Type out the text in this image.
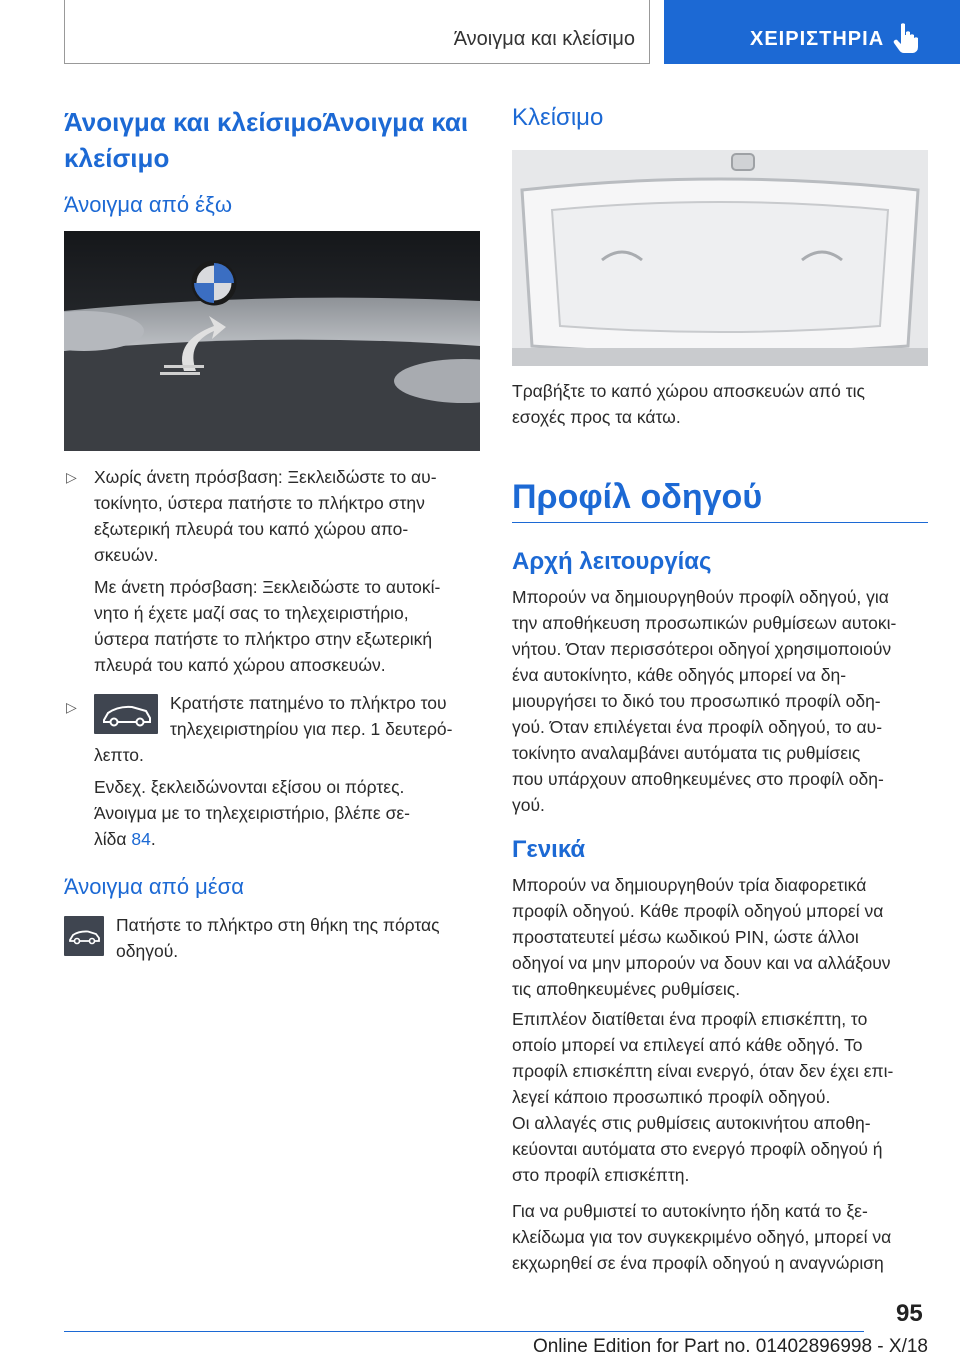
Άνοιγμα και κλείσιμο	ΧΕΙΡΙΣΤΗΡΙΑ
Άνοιγμα και κλείσιμοΆνοιγμα και κλείσιμο
Άνοιγμα από έξω
▷ Χωρίς άνετη πρόσβαση: Ξεκλειδώστε το αυ-
τοκίνητο, ύστερα πατήστε το πλήκτρο στην
εξωτερική πλευρά του καπό χώρου απο-
σκευών.
Με άνετη πρόσβαση: Ξεκλειδώστε το αυτοκί-
νητο ή έχετε μαζί σας το τηλεχειριστήριο,
ύστερα πατήστε το πλήκτρο στην εξωτερική
πλευρά του καπό χώρου αποσκευών.
▷	Κρατήστε πατημένο το πλήκτρο του
τηλεχειριστηρίου για περ. 1 δευτερό-
λεπτο.
Ενδεχ. ξεκλειδώνονται εξίσου οι πόρτες.
Άνοιγμα με το τηλεχειριστήριο, βλέπε σε-
λίδα 84.
Άνοιγμα από μέσα
Πατήστε το πλήκτρο στη θήκη της πόρτας
οδηγού.
Κλείσιμο
Τραβήξτε το καπό χώρου αποσκευών από τις
εσοχές προς τα κάτω.
Προφίλ οδηγού
Αρχή λειτουργίας
Μπορούν να δημιουργηθούν προφίλ οδηγού, για
την αποθήκευση προσωπικών ρυθμίσεων αυτοκι-
νήτου. Όταν περισσότεροι οδηγοί χρησιμοποιούν
ένα αυτοκίνητο, κάθε οδηγός μπορεί να δη-
μιουργήσει το δικό του προσωπικό προφίλ οδη-
γού. Όταν επιλέγεται ένα προφίλ οδηγού, το αυ-
τοκίνητο αναλαμβάνει αυτόματα τις ρυθμίσεις
που υπάρχουν αποθηκευμένες στο προφίλ οδη-
γού.
Γενικά
Μπορούν να δημιουργηθούν τρία διαφορετικά
προφίλ οδηγού. Κάθε προφίλ οδηγού μπορεί να
προστατευτεί μέσω κωδικού PIN, ώστε άλλοι
οδηγοί να μην μπορούν να δουν και να αλλάξουν
τις αποθηκευμένες ρυθμίσεις.
Επιπλέον διατίθεται ένα προφίλ επισκέπτη, το
οποίο μπορεί να επιλεγεί από κάθε οδηγό. Το
προφίλ επισκέπτη είναι ενεργό, όταν δεν έχει επι-
λεγεί κάποιο προσωπικό προφίλ οδηγού.
Οι αλλαγές στις ρυθμίσεις αυτοκινήτου αποθη-
κεύονται αυτόματα στο ενεργό προφίλ οδηγού ή
στο προφίλ επισκέπτη.
Για να ρυθμιστεί το αυτοκίνητο ήδη κατά το ξε-
κλείδωμα για τον συγκεκριμένο οδηγό, μπορεί να
εκχωρηθεί σε ένα προφίλ οδηγού η αναγνώριση
95
Online Edition for Part no. 01402896998 - X/18
